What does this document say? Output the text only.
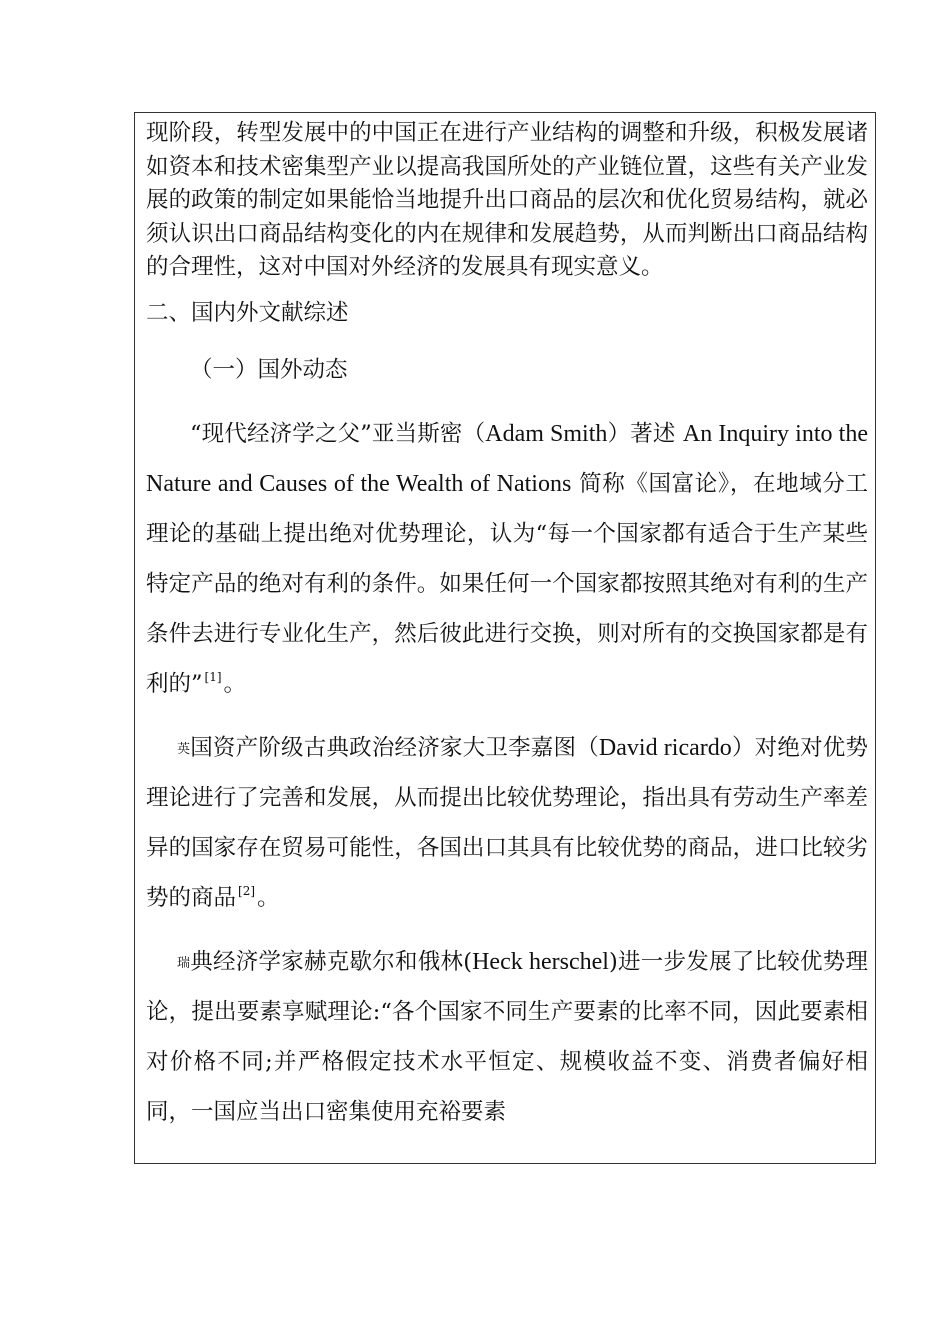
现阶段，转型发展中的中国正在进行产业结构的调整和升级，积极发展诸如资本和技术密集型产业以提高我国所处的产业链位置，这些有关产业发展的政策的制定如果能恰当地提升出口商品的层次和优化贸易结构，就必须认识出口商品结构变化的内在规律和发展趋势，从而判断出口商品结构的合理性，这对中国对外经济的发展具有现实意义。

二、国内外文献综述

（一）国外动态

“现代经济学之父”亚当斯密（Adam Smith）著述 An Inquiry into the Nature and Causes of the Wealth of Nations 简称《国富论》，在地域分工理论的基础上提出绝对优势理论，认为“每一个国家都有适合于生产某些特定产品的绝对有利的条件。如果任何一个国家都按照其绝对有利的生产条件去进行专业化生产，然后彼此进行交换，则对所有的交换国家都是有利的” [1]。

英 国资产阶级古典政治经济家大卫李嘉图（David ricardo）对绝对优势理论进行了完善和发展，从而提出比较优势理论，指出具有劳动生产率差异的国家存在贸易可能性，各国出口其具有比较优势的商品，进口比较劣势的商品 [2]。

瑞 典经济学家赫克歇尔和俄林(Heck herschel)进一步发展了比较优势理论，提出要素享赋理论:“各个国家不同生产要素的比率不同，因此要素相对价格不同;并严格假定技术水平恒定、规模收益不变、消费者偏好相同，一国应当出口密集使用充裕要素
